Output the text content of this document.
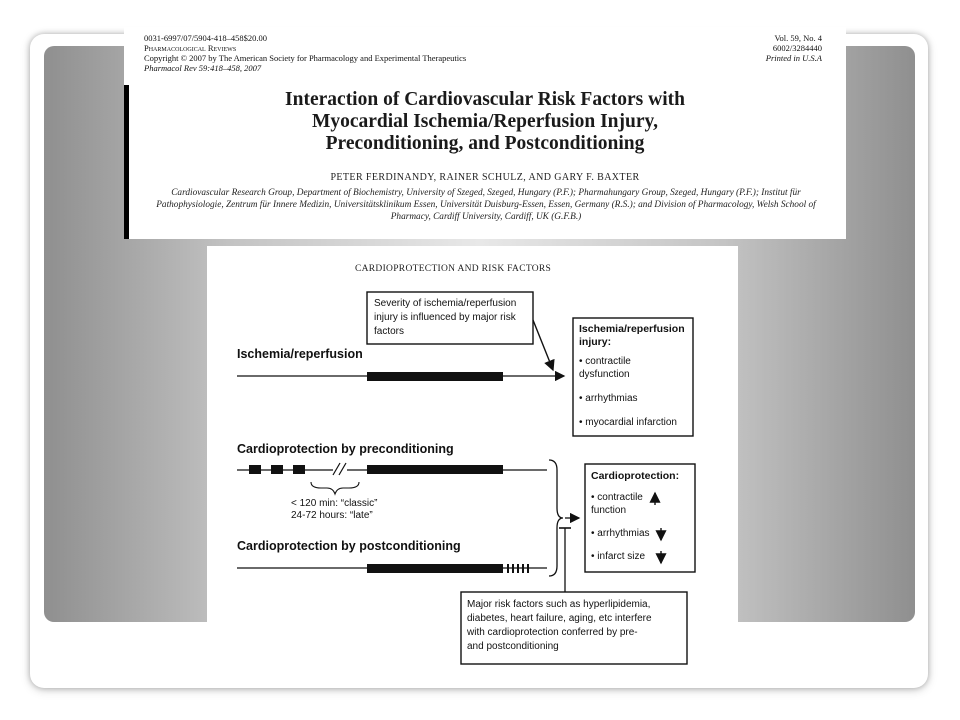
0031-6997/07/5904-418–458$20.00
Pharmacological Reviews
Copyright © 2007 by The American Society for Pharmacology and Experimental Therapeutics
Pharmacol Rev 59:418–458, 2007

Vol. 59, No. 4
6002/3284440
Printed in U.S.A

Interaction of Cardiovascular Risk Factors with
Myocardial Ischemia/Reperfusion Injury,
Preconditioning, and Postconditioning

PETER FERDINANDY, RAINER SCHULZ, AND GARY F. BAXTER

Cardiovascular Research Group, Department of Biochemistry, University of Szeged, Szeged, Hungary (P.F.); Pharmahungary Group, Szeged, Hungary (P.F.); Institut für Pathophysiologie, Zentrum für Innere Medizin, Universitätsklinikum Essen, Universität Duisburg-Essen, Essen, Germany (R.S.); and Division of Pharmacology, Welsh School of Pharmacy, Cardiff University, Cardiff, UK (G.F.B.)

CARDIOPROTECTION AND RISK FACTORS
Severity of ischemia/reperfusion
injury is influenced by major risk
factors
Ischemia/reperfusion
Ischemia/reperfusion
injury:
• contractile
dysfunction
• arrhythmias
• myocardial infarction
Cardioprotection by preconditioning
< 120 min: “classic”
24-72 hours: “late”
Cardioprotection by postconditioning
Cardioprotection:
• contractile
function
• arrhythmias
• infarct size
Major risk factors such as hyperlipidemia,
diabetes, heart failure, aging, etc interfere
with cardioprotection conferred by pre-
and postconditioning
